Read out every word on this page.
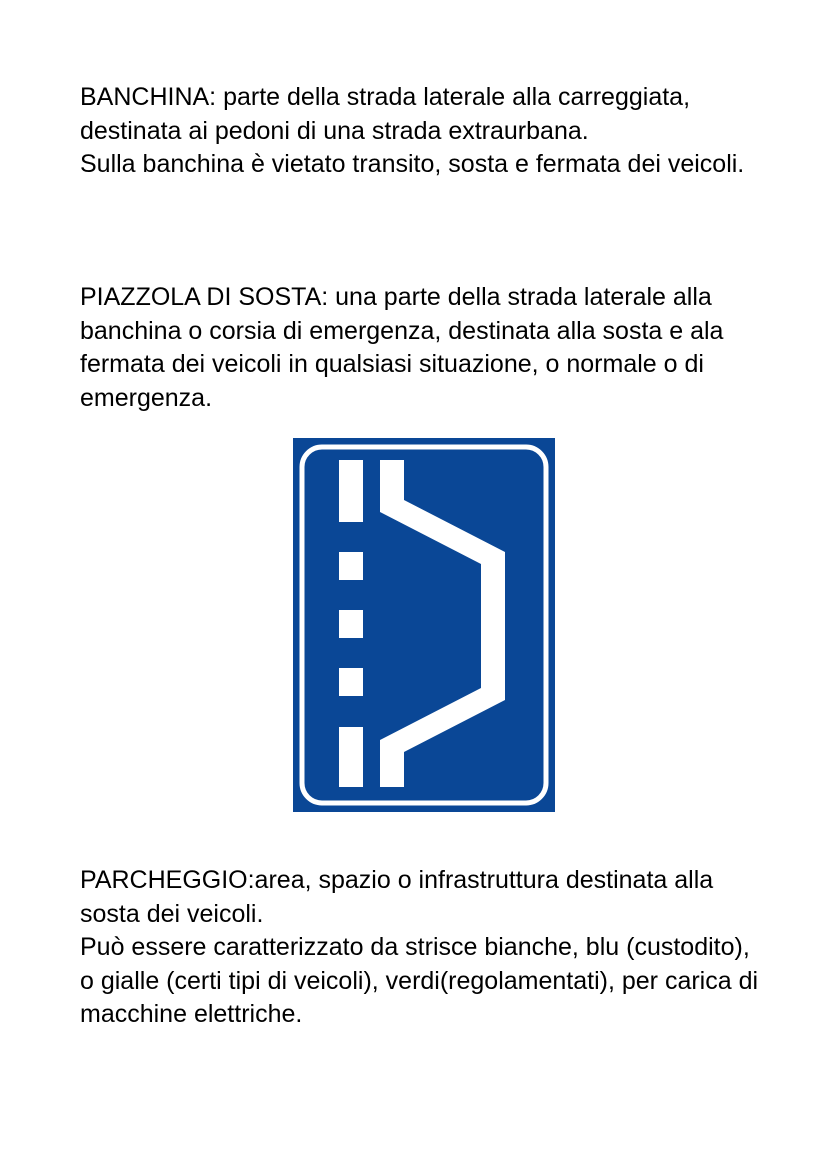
BANCHINA: parte della strada laterale alla carreggiata, destinata ai pedoni di una strada extraurbana.

Sulla banchina è vietato transito, sosta e fermata dei veicoli.

PIAZZOLA DI SOSTA: una parte della strada laterale alla banchina o corsia di emergenza, destinata alla sosta e ala fermata dei veicoli in qualsiasi situazione, o normale o di emergenza.

PARCHEGGIO:area, spazio o infrastruttura destinata alla sosta dei veicoli.

Può essere caratterizzato da strisce bianche, blu (custodito), o gialle (certi tipi di veicoli), verdi(regolamentati), per carica di macchine elettriche.
